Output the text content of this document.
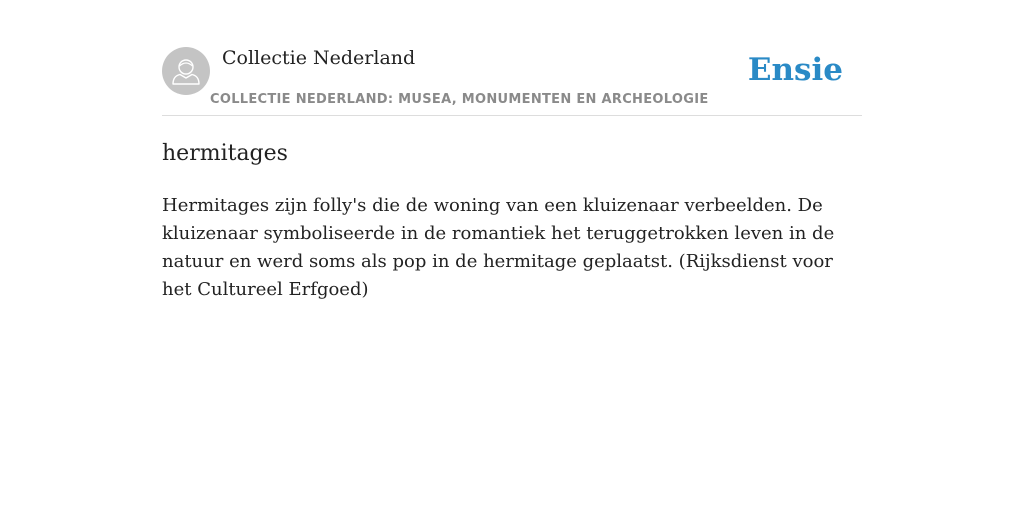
Collectie Nederland
COLLECTIE NEDERLAND: MUSEA, MONUMENTEN EN ARCHEOLOGIE
Ensie
hermitages

Hermitages zijn folly's die de woning van een kluizenaar verbeelden. De kluizenaar symboliseerde in de romantiek het teruggetrokken leven in de natuur en werd soms als pop in de hermitage geplaatst. (Rijksdienst voor het Cultureel Erfgoed)
